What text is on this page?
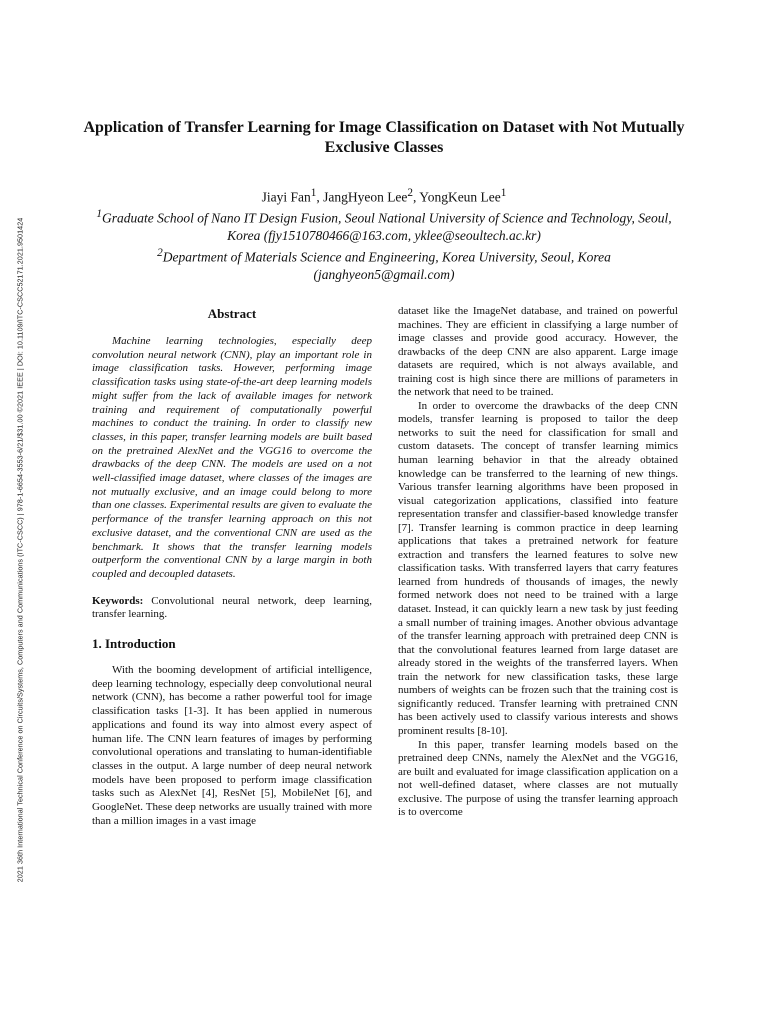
2021 36th International Technical Conference on Circuits/Systems, Computers and Communications (ITC-CSCC) | 978-1-6654-3553-6/21/$31.00 ©2021 IEEE | DOI: 10.1109/ITC-CSCC52171.2021.9501424
Application of Transfer Learning for Image Classification on Dataset with Not Mutually Exclusive Classes
Jiayi Fan$^1$, JangHyeon Lee$^2$, YongKeun Lee$^1$
$^1$Graduate School of Nano IT Design Fusion, Seoul National University of Science and Technology, Seoul, Korea (fjy1510780466@163.com, yklee@seoultech.ac.kr)
$^2$Department of Materials Science and Engineering, Korea University, Seoul, Korea (janghyeon5@gmail.com)
Abstract

Machine learning technologies, especially deep convolution neural network (CNN), play an important role in image classification tasks. However, performing image classification tasks using state-of-the-art deep learning models might suffer from the lack of available images for network training and requirement of computationally powerful machines to conduct the training. In order to classify new classes, in this paper, transfer learning models are built based on the pretrained AlexNet and the VGG16 to overcome the drawbacks of the deep CNN. The models are used on a not well-classified image dataset, where classes of the images are not mutually exclusive, and an image could belong to more than one classes. Experimental results are given to evaluate the performance of the transfer learning approach on this not exclusive dataset, and the conventional CNN are used as the benchmark. It shows that the transfer learning models outperform the conventional CNN by a large margin in both coupled and decoupled datasets.

Keywords: Convolutional neural network, deep learning, transfer learning.

1. Introduction

With the booming development of artificial intelligence, deep learning technology, especially deep convolutional neural network (CNN), has become a rather powerful tool for image classification tasks [1-3]. It has been applied in numerous applications and found its way into almost every aspect of human life. The CNN learn features of images by performing convolutional operations and translating to human-identifiable classes in the output. A large number of deep neural network models have been proposed to perform image classification tasks such as AlexNet [4], ResNet [5], MobileNet [6], and GoogleNet. These deep networks are usually trained with more than a million images in a vast image

dataset like the ImageNet database, and trained on powerful machines. They are efficient in classifying a large number of image classes and provide good accuracy. However, the drawbacks of the deep CNN are also apparent. Large image datasets are required, which is not always available, and training cost is high since there are millions of parameters in the network that need to be trained.

In order to overcome the drawbacks of the deep CNN models, transfer learning is proposed to tailor the deep networks to suit the need for classification for small and custom datasets. The concept of transfer learning mimics human learning behavior in that the already obtained knowledge can be transferred to the learning of new things. Various transfer learning algorithms have been proposed in visual categorization applications, classified into feature representation transfer and classifier-based knowledge transfer [7]. Transfer learning is common practice in deep learning applications that takes a pretrained network for feature extraction and transfers the learned features to solve new classification tasks. With transferred layers that carry features learned from hundreds of thousands of images, the newly formed network does not need to be trained with a large dataset. Instead, it can quickly learn a new task by just feeding a small number of training images. Another obvious advantage of the transfer learning approach with pretrained deep CNN is that the convolutional features learned from large dataset are already stored in the weights of the transferred layers. When train the network for new classification tasks, these large numbers of weights can be frozen such that the training cost is significantly reduced. Transfer learning with pretrained CNN has been actively used to classify various interests and shows prominent results [8-10].

In this paper, transfer learning models based on the pretrained deep CNNs, namely the AlexNet and the VGG16, are built and evaluated for image classification application on a not well-defined dataset, where classes are not mutually exclusive. The purpose of using the transfer learning approach is to overcome
